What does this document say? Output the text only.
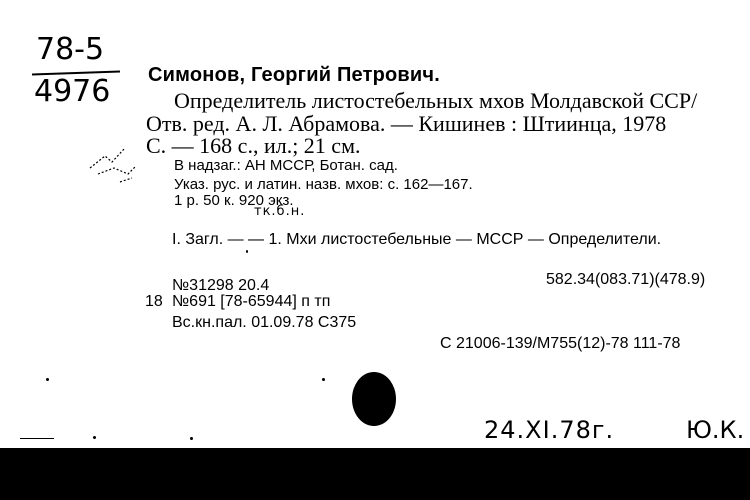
78-5
4976 Симонов, Георгий Петрович.
Определитель листостебельных мхов Молдавской ССР/
Отв. ред. А. Л. Абрамова. — Кишинев : Штиинца, 1978
С. — 168 с., ил.; 21 см.
В надзаг.: АН МССР, Ботан. сад.
Указ. рус. и латин. назв. мхов: с. 162—167.
1 р. 50 к. 920 экз.
тк.б.н.
I. Загл. — — 1. Мхи листостебельные — МССР — Определители.
№31298 20.4	582.34(083.71)(478.9)
18 №691 [78-65944] п тп
Вс.кн.пал. 01.09.78 С375
С 21006-139/М755(12)-78 111-78
24.XI.78г.	Ю.К.
